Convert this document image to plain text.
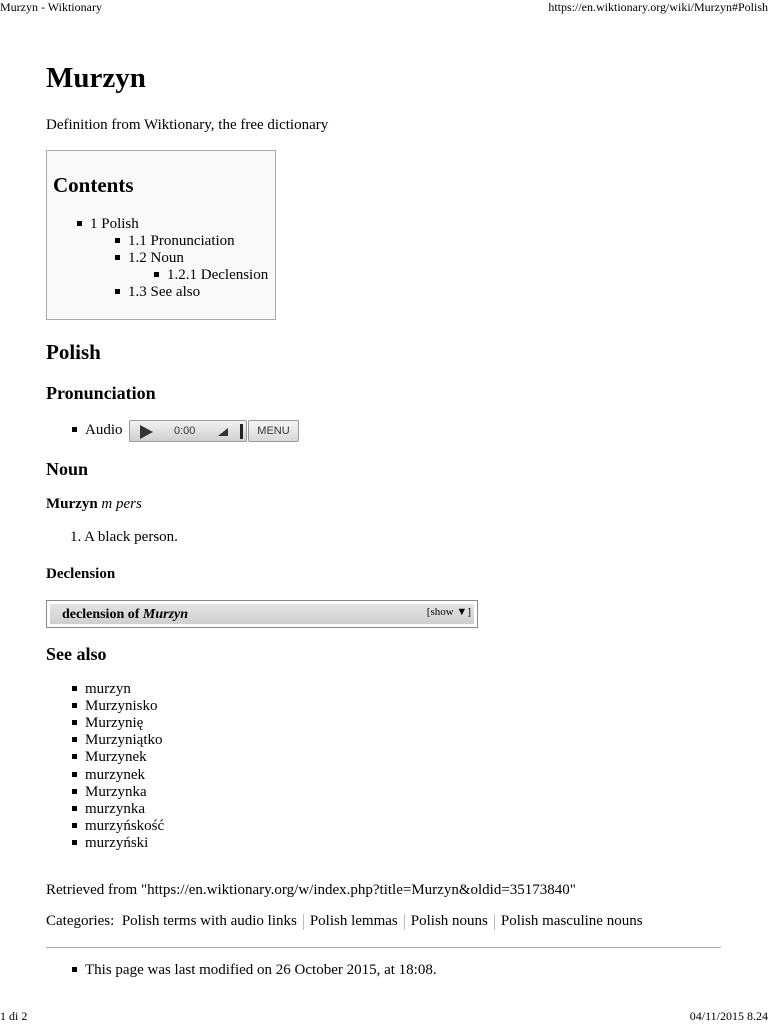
Murzyn - Wiktionary	https://en.wiktionary.org/wiki/Murzyn#Polish
Murzyn
Definition from Wiktionary, the free dictionary
Contents
1 Polish
1.1 Pronunciation
1.2 Noun
1.2.1 Declension
1.3 See also
Polish
Pronunciation
Audio	0:00	MENU
Noun
Murzyn m pers
1. A black person.
Declension
declension of Murzyn	[show ▼]
See also
murzyn
Murzynisko
Murzynię
Murzyniątko
Murzynek
murzynek
Murzynka
murzynka
murzyńskość
murzyński
Retrieved from "https://en.wiktionary.org/w/index.php?title=Murzyn&oldid=35173840"
Categories: Polish terms with audio links Polish lemmas Polish nouns Polish masculine nouns
This page was last modified on 26 October 2015, at 18:08.
1 di 2	04/11/2015 8.24
